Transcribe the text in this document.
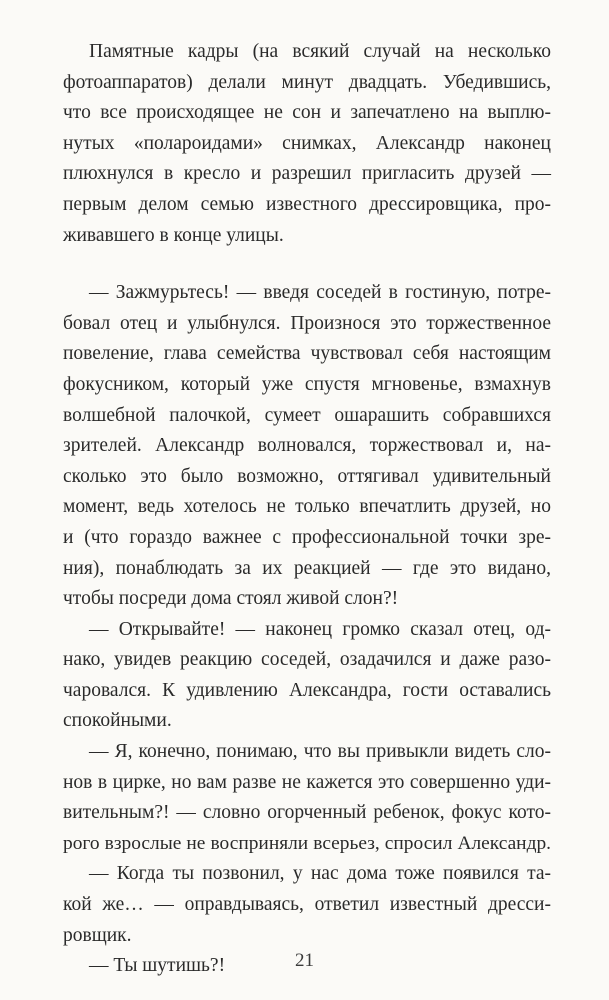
Памятные кадры (на всякий случай на несколько
фотоаппаратов) делали минут двадцать. Убедившись,
что все происходящее не сон и запечатлено на выплю-
нутых «полароидами» снимках, Александр наконец
плюхнулся в кресло и разрешил пригласить друзей —
первым делом семью известного дрессировщика, про-
живавшего в конце улицы.
— Зажмурьтесь! — введя соседей в гостиную, потре-
бовал отец и улыбнулся. Произнося это торжественное
повеление, глава семейства чувствовал себя настоящим
фокусником, который уже спустя мгновенье, взмахнув
волшебной палочкой, сумеет ошарашить собравшихся
зрителей. Александр волновался, торжествовал и, на-
сколько это было возможно, оттягивал удивительный
момент, ведь хотелось не только впечатлить друзей, но
и (что гораздо важнее с профессиональной точки зре-
ния), понаблюдать за их реакцией — где это видано,
чтобы посреди дома стоял живой слон?!
— Открывайте! — наконец громко сказал отец, од-
нако, увидев реакцию соседей, озадачился и даже разо-
чаровался. К удивлению Александра, гости оставались
спокойными.
— Я, конечно, понимаю, что вы привыкли видеть сло-
нов в цирке, но вам разве не кажется это совершенно уди-
вительным?! — словно огорченный ребенок, фокус кото-
рого взрослые не восприняли всерьез, спросил Александр.
— Когда ты позвонил, у нас дома тоже появился та-
кой же… — оправдываясь, ответил известный дресси-
ровщик.
— Ты шутишь?!	21
